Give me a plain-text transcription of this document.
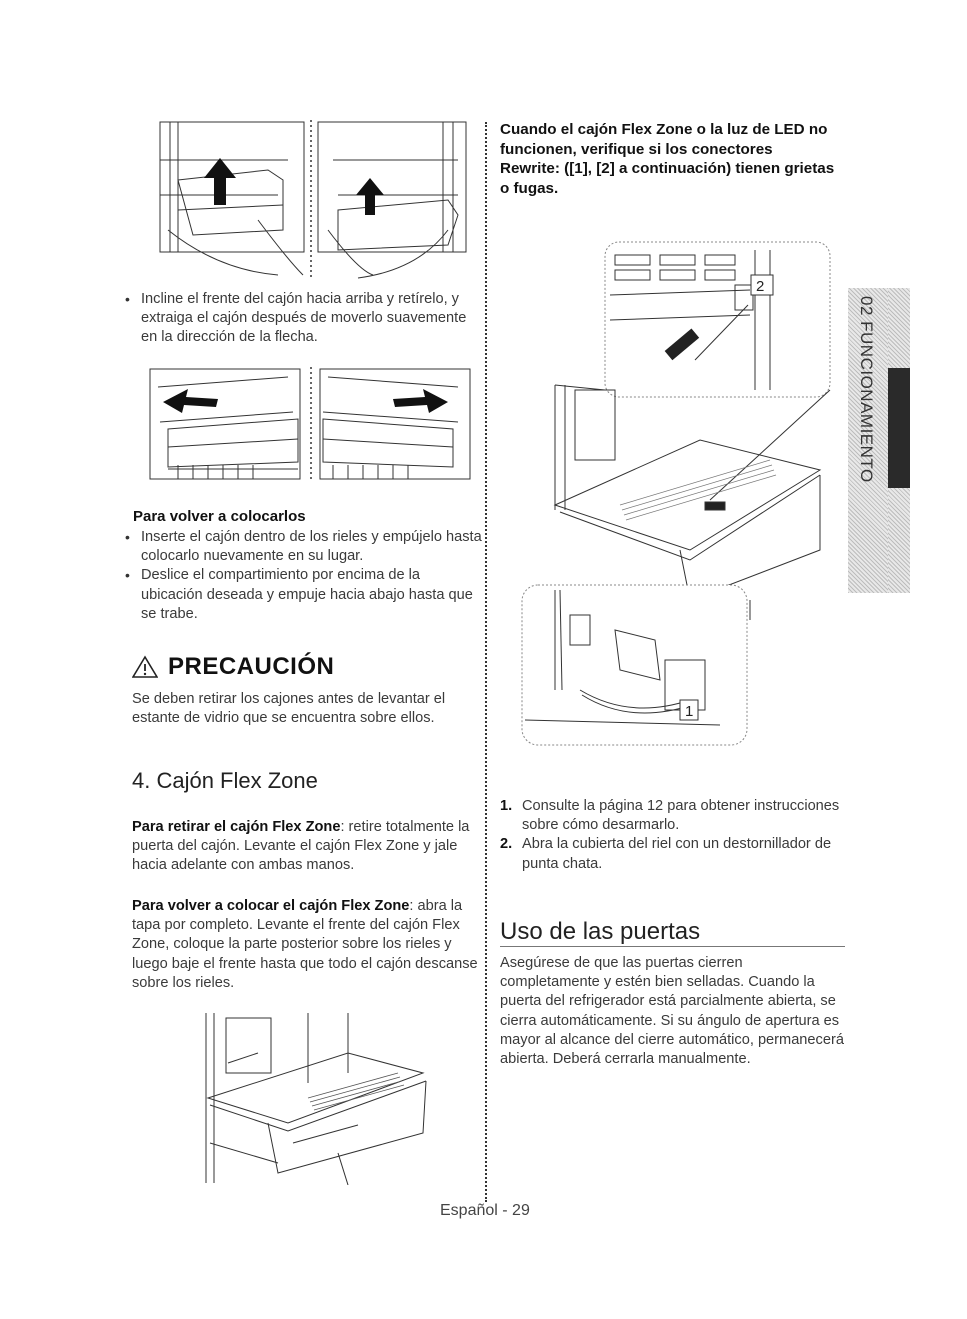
• Incline el frente del cajón hacia arriba y retírelo, y extraiga el cajón después de moverlo suavemente en la dirección de la flecha.
Para volver a colocarlos
• Inserte el cajón dentro de los rieles y empújelo hasta colocarlo nuevamente en su lugar.
• Deslice el compartimiento por encima de la ubicación deseada y empuje hacia abajo hasta que se trabe.
PRECAUCIÓN
Se deben retirar los cajones antes de levantar el estante de vidrio que se encuentra sobre ellos.
4. Cajón Flex Zone
Para retirar el cajón Flex Zone: retire totalmente la puerta del cajón. Levante el cajón Flex Zone y jale hacia adelante con ambas manos.
Para volver a colocar el cajón Flex Zone: abra la tapa por completo. Levante el frente del cajón Flex Zone, coloque la parte posterior sobre los rieles y luego baje el frente hasta que todo el cajón descanse sobre los rieles.
Cuando el cajón Flex Zone o la luz de LED no funcionen, verifique si los conectores Rewrite: ([1], [2] a continuación) tienen grietas o fugas.
2
1
1. Consulte la página 12 para obtener instrucciones sobre cómo desarmarlo.
2. Abra la cubierta del riel con un destornillador de punta chata.
Uso de las puertas
Asegúrese de que las puertas cierren completamente y estén bien selladas. Cuando la puerta del refrigerador está parcialmente abierta, se cierra automáticamente. Si su ángulo de apertura es mayor al alcance del cierre automático, permanecerá abierta. Deberá cerrarla manualmente.
02 FUNCIONAMIENTO
Español - 29
